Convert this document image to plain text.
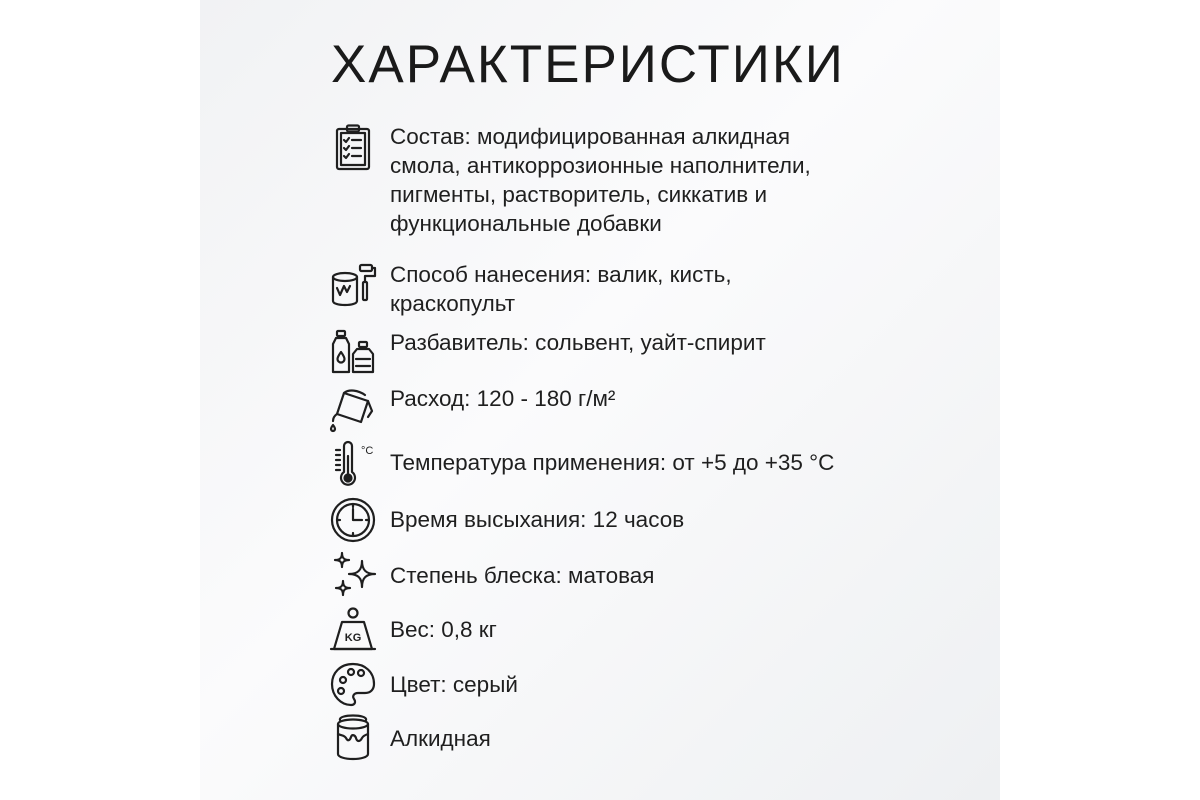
ХАРАКТЕРИСТИКИ
Состав: модифицированная алкидная
смола, антикоррозионные наполнители,
пигменты, растворитель, сиккатив и
функциональные добавки
Способ нанесения: валик, кисть,
краскопульт
Разбавитель: сольвент, уайт-спирит
Расход: 120 - 180 г/м²
°С Температура применения: от +5 до +35 °С
Время высыхания: 12 часов
Степень блеска: матовая
KG Вес: 0,8 кг
Цвет: серый
Алкидная
